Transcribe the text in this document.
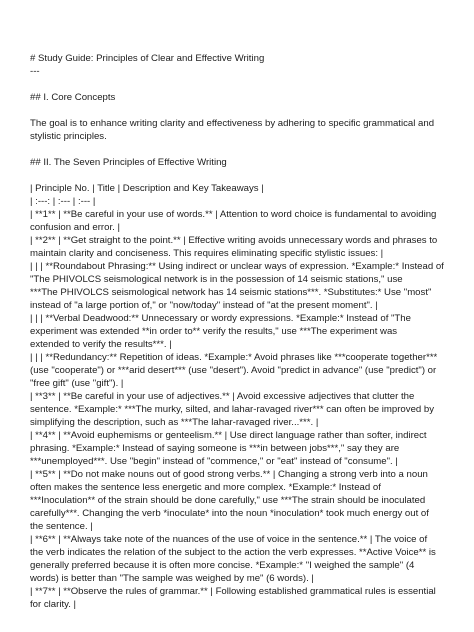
# Study Guide: Principles of Clear and Effective Writing
---
## I. Core Concepts
The goal is to enhance writing clarity and effectiveness by adhering to specific grammatical and
stylistic principles.
## II. The Seven Principles of Effective Writing
| Principle No. | Title | Description and Key Takeaways |
| :---: | :--- | :--- |
| **1** | **Be careful in your use of words.** | Attention to word choice is fundamental to avoiding
confusion and error. |
| **2** | **Get straight to the point.** | Effective writing avoids unnecessary words and phrases to
maintain clarity and conciseness. This requires eliminating specific stylistic issues: |
| | | **Roundabout Phrasing:** Using indirect or unclear ways of expression. *Example:* Instead of
"The PHIVOLCS seismological network is in the possession of 14 seismic stations," use
***The PHIVOLCS seismological network has 14 seismic stations***. *Substitutes:* Use "most"
instead of "a large portion of," or "now/today" instead of "at the present moment". |
| | | **Verbal Deadwood:** Unnecessary or wordy expressions. *Example:* Instead of "The
experiment was extended **in order to** verify the results," use ***The experiment was
extended to verify the results***. |
| | | **Redundancy:** Repetition of ideas. *Example:* Avoid phrases like ***cooperate together***
(use "cooperate") or ***arid desert*** (use "desert"). Avoid "predict in advance" (use "predict") or
"free gift" (use "gift"). |
| **3** | **Be careful in your use of adjectives.** | Avoid excessive adjectives that clutter the
sentence. *Example:* ***The murky, silted, and lahar-ravaged river*** can often be improved by
simplifying the description, such as ***The lahar-ravaged river...***. |
| **4** | **Avoid euphemisms or genteelism.** | Use direct language rather than softer, indirect
phrasing. *Example:* Instead of saying someone is ***in between jobs***," say they are
***unemployed***. Use "begin" instead of "commence," or "eat" instead of "consume". |
| **5** | **Do not make nouns out of good strong verbs.** | Changing a strong verb into a noun
often makes the sentence less energetic and more complex. *Example:* Instead of
***Inoculation** of the strain should be done carefully," use ***The strain should be inoculated
carefully***. Changing the verb *inoculate* into the noun *inoculation* took much energy out of
the sentence. |
| **6** | **Always take note of the nuances of the use of voice in the sentence.** | The voice of
the verb indicates the relation of the subject to the action the verb expresses. **Active Voice** is
generally preferred because it is often more concise. *Example:* "I weighed the sample" (4
words) is better than "The sample was weighed by me" (6 words). |
| **7** | **Observe the rules of grammar.** | Following established grammatical rules is essential
for clarity. |
